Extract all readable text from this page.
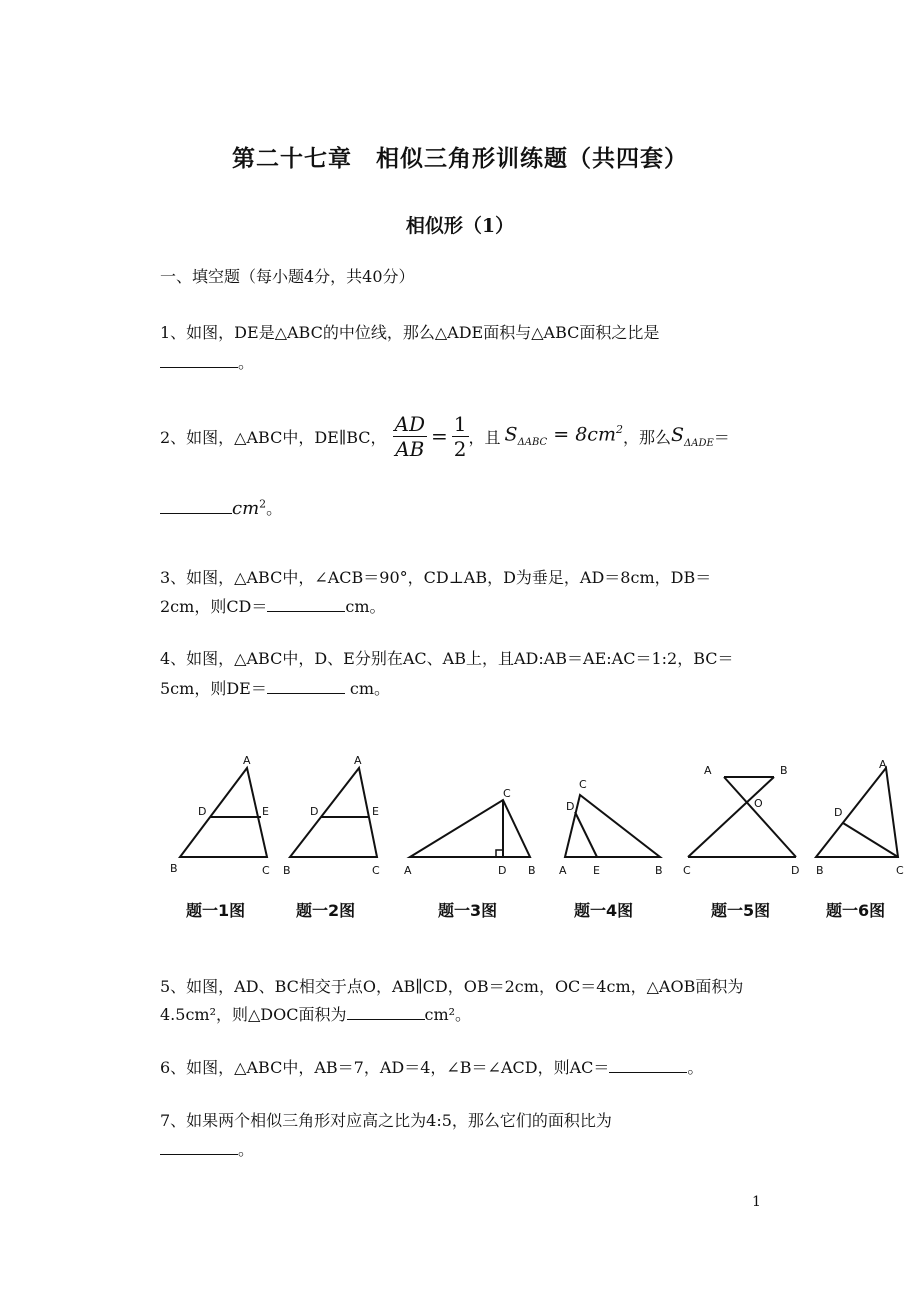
第二十七章　相似三角形训练题（共四套）
相似形（1）
一、填空题（每小题4分，共40分）
1、如图，DE是△ABC的中位线，那么△ADE面积与△ABC面积之比是
。
2、如图，△ABC中，DE∥BC， $\frac{AD}{AB} = \frac{1}{2}$ ，且 $S_{\Delta ABC} = 8cm^2$ ，那么 $S_{\Delta ADE}$ ＝
$cm^2$。
3、如图，△ABC中，∠ACB＝90°，CD⊥AB，D为垂足，AD＝8cm，DB＝
2cm，则CD＝	cm。
4、如图，△ABC中，D、E分别在AC、AB上，且AD:AB＝AE:AC＝1:2，BC＝
5cm，则DE＝	cm。
A
D	E
B	C
A
D	E
B	C
C
A	D B
C
D
A E	B
A	B
O
C	D
A
D
B	C
题一1图	题一2图	题一3图	题一4图	题一5图	题一6图
5、如图，AD、BC相交于点O，AB∥CD，OB＝2cm，OC＝4cm，△AOB面积为
4.5cm²，则△DOC面积为	cm²。
6、如图，△ABC中，AB＝7，AD＝4，∠B＝∠ACD，则AC＝	。
7、如果两个相似三角形对应高之比为4:5，那么它们的面积比为
。
1
